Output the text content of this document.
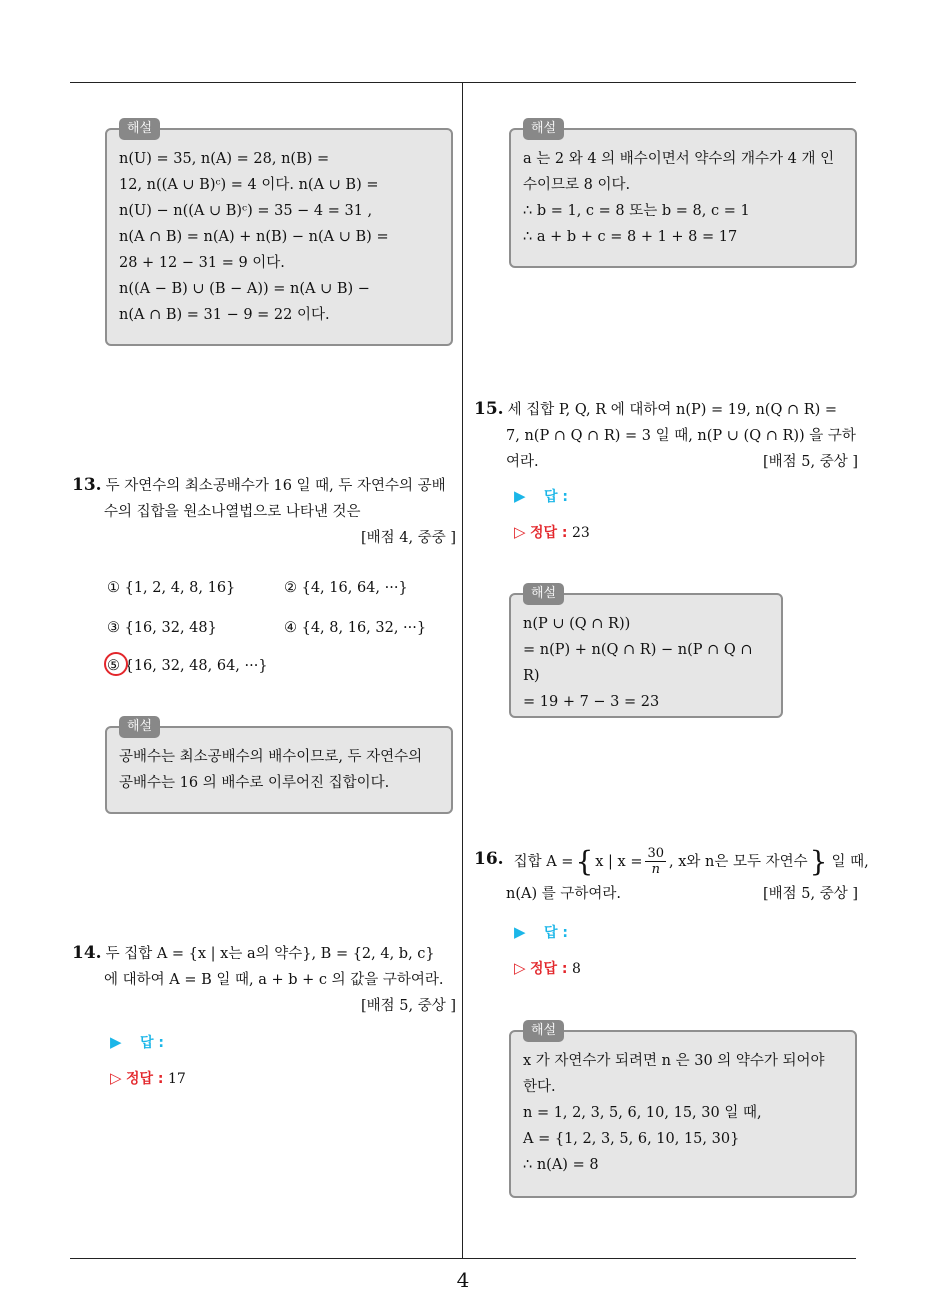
해설

n(U) = 35, n(A) = 28, n(B) =

12, n((A ∪ B)ᶜ) = 4 이다. n(A ∪ B) =

n(U) − n((A ∪ B)ᶜ) = 35 − 4 = 31 ,

n(A ∩ B) = n(A) + n(B) − n(A ∪ B) =

28 + 12 − 31 = 9 이다.

n((A − B) ∪ (B − A)) = n(A ∪ B) −

n(A ∩ B) = 31 − 9 = 22 이다.

13. 두 자연수의 최소공배수가 16 일 때, 두 자연수의 공배

수의 집합을 원소나열법으로 나타낸 것은

[배점 4, 중중 ]

① {1, 2, 4, 8, 16}	② {4, 16, 64, ···}
③ {16, 32, 48}	④ {4, 8, 16, 32, ···}
⑤ {16, 32, 48, 64, ···}
해설

공배수는 최소공배수의 배수이므로, 두 자연수의

공배수는 16 의 배수로 이루어진 집합이다.

14. 두 집합 A = {x | x는 a의 약수}, B = {2, 4, b, c}

에 대하여 A = B 일 때, a + b + c 의 값을 구하여라.

[배점 5, 중상 ]

▶ 답 :
▷ 정답 : 17
해설

a 는 2 와 4 의 배수이면서 약수의 개수가 4 개 인

수이므로 8 이다.

∴ b = 1, c = 8 또는 b = 8, c = 1

∴ a + b + c = 8 + 1 + 8 = 17

15. 세 집합 P, Q, R 에 대하여 n(P) = 19, n(Q ∩ R) =

7, n(P ∩ Q ∩ R) = 3 일 때, n(P ∪ (Q ∩ R)) 을 구하

여라.	[배점 5, 중상 ]

▶ 답 :
▷ 정답 : 23
해설

n(P ∪ (Q ∩ R))

= n(P) + n(Q ∩ R) − n(P ∩ Q ∩ R)

= 19 + 7 − 3 = 23

16. 집합 A = { x | $x = \frac{30}{n}$ , x와 n은 모두 자연수 } 일 때,

n(A) 를 구하여라.	[배점 5, 중상 ]

▶ 답 :
▷ 정답 : 8
해설

x 가 자연수가 되려면 n 은 30 의 약수가 되어야

한다.

n = 1, 2, 3, 5, 6, 10, 15, 30 일 때,

A = {1, 2, 3, 5, 6, 10, 15, 30}

∴ n(A) = 8

4
